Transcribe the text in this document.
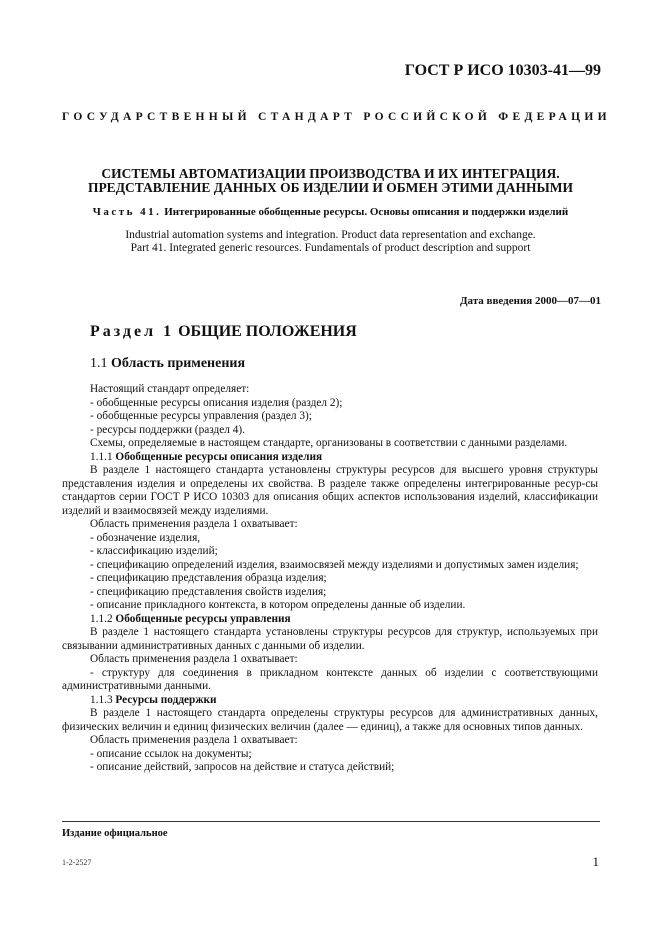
ГОСТ Р ИСО 10303-41—99
ГОСУДАРСТВЕННЫЙ СТАНДАРТ РОССИЙСКОЙ ФЕДЕРАЦИИ
СИСТЕМЫ АВТОМАТИЗАЦИИ ПРОИЗВОДСТВА И ИХ ИНТЕГРАЦИЯ.
ПРЕДСТАВЛЕНИЕ ДАННЫХ ОБ ИЗДЕЛИИ И ОБМЕН ЭТИМИ ДАННЫМИ
Часть 41. Интегрированные обобщенные ресурсы. Основы описания и поддержки изделий
Industrial automation systems and integration. Product data representation and exchange.
Part 41. Integrated generic resources. Fundamentals of product description and support
Дата введения 2000—07—01
Раздел 1 ОБЩИЕ ПОЛОЖЕНИЯ
1.1 Область применения

Настоящий стандарт определяет:

- обобщенные ресурсы описания изделия (раздел 2);

- обобщенные ресурсы управления (раздел 3);

- ресурсы поддержки (раздел 4).

Схемы, определяемые в настоящем стандарте, организованы в соответствии с данными разделами.

1.1.1 Обобщенные ресурсы описания изделия

В разделе 1 настоящего стандарта установлены структуры ресурсов для высшего уровня структуры представления изделия и определены их свойства. В разделе также определены интегрированные ресур-сы стандартов серии ГОСТ Р ИСО 10303 для описания общих аспектов использования изделий, классификации изделий и взаимосвязей между изделиями.

Область применения раздела 1 охватывает:

- обозначение изделия,

- классификацию изделий;

- спецификацию определений изделия, взаимосвязей между изделиями и допустимых замен изделия;

- спецификацию представления образца изделия;

- спецификацию представления свойств изделия;

- описание прикладного контекста, в котором определены данные об изделии.

1.1.2 Обобщенные ресурсы управления

В разделе 1 настоящего стандарта установлены структуры ресурсов для структур, используемых при связывании административных данных с данными об изделии.

Область применения раздела 1 охватывает:

- структуру для соединения в прикладном контексте данных об изделии с соответствующими административными данными.

1.1.3 Ресурсы поддержки

В разделе 1 настоящего стандарта определены структуры ресурсов для административных данных, физических величин и единиц физических величин (далее — единиц), а также для основных типов данных.

Область применения раздела 1 охватывает:

- описание ссылок на документы;

- описание действий, запросов на действие и статуса действий;

Издание официальное
1-2-2527	1
